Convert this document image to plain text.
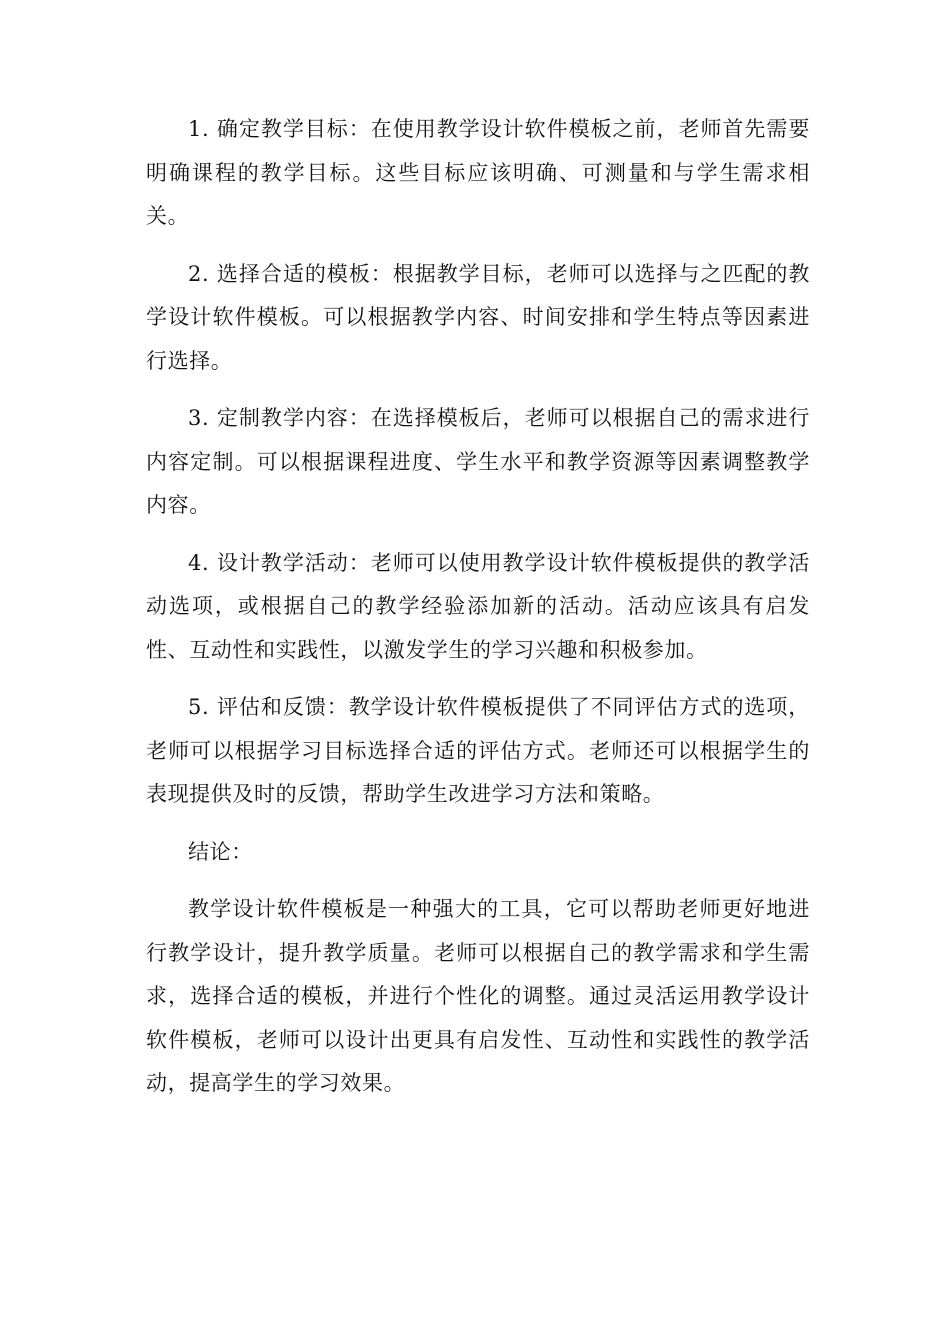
1. 确定教学目标：在使用教学设计软件模板之前，老师首先需要明确课程的教学目标。这些目标应该明确、可测量和与学生需求相关。

2. 选择合适的模板：根据教学目标，老师可以选择与之匹配的教学设计软件模板。可以根据教学内容、时间安排和学生特点等因素进行选择。

3. 定制教学内容：在选择模板后，老师可以根据自己的需求进行内容定制。可以根据课程进度、学生水平和教学资源等因素调整教学内容。

4. 设计教学活动：老师可以使用教学设计软件模板提供的教学活动选项，或根据自己的教学经验添加新的活动。活动应该具有启发性、互动性和实践性，以激发学生的学习兴趣和积极参加。

5. 评估和反馈：教学设计软件模板提供了不同评估方式的选项，老师可以根据学习目标选择合适的评估方式。老师还可以根据学生的表现提供及时的反馈，帮助学生改进学习方法和策略。

结论：

教学设计软件模板是一种强大的工具，它可以帮助老师更好地进行教学设计，提升教学质量。老师可以根据自己的教学需求和学生需求，选择合适的模板，并进行个性化的调整。通过灵活运用教学设计软件模板，老师可以设计出更具有启发性、互动性和实践性的教学活动，提高学生的学习效果。
